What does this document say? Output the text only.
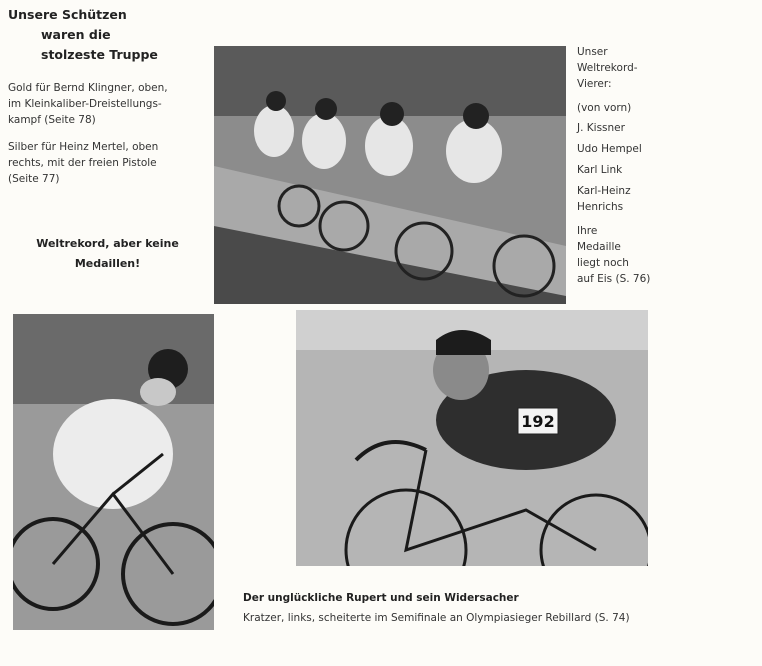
Unsere Schützen
waren die
stolzeste Truppe
Gold für Bernd Klingner, oben,
im Kleinkaliber-Dreistellungs-
kampf (Seite 78)
Silber für Heinz Mertel, oben
rechts, mit der freien Pistole
(Seite 77)
Weltrekord, aber keine
Medaillen!
Unser
Weltrekord-
Vierer:
(von vorn)
J. Kissner
Udo Hempel
Karl Link
Karl-Heinz
Henrichs
Ihre
Medaille
liegt noch
auf Eis (S. 76)
192
Der unglückliche Rupert und sein Widersacher
Kratzer, links, scheiterte im Semifinale an Olympiasieger Rebillard (S. 74)
